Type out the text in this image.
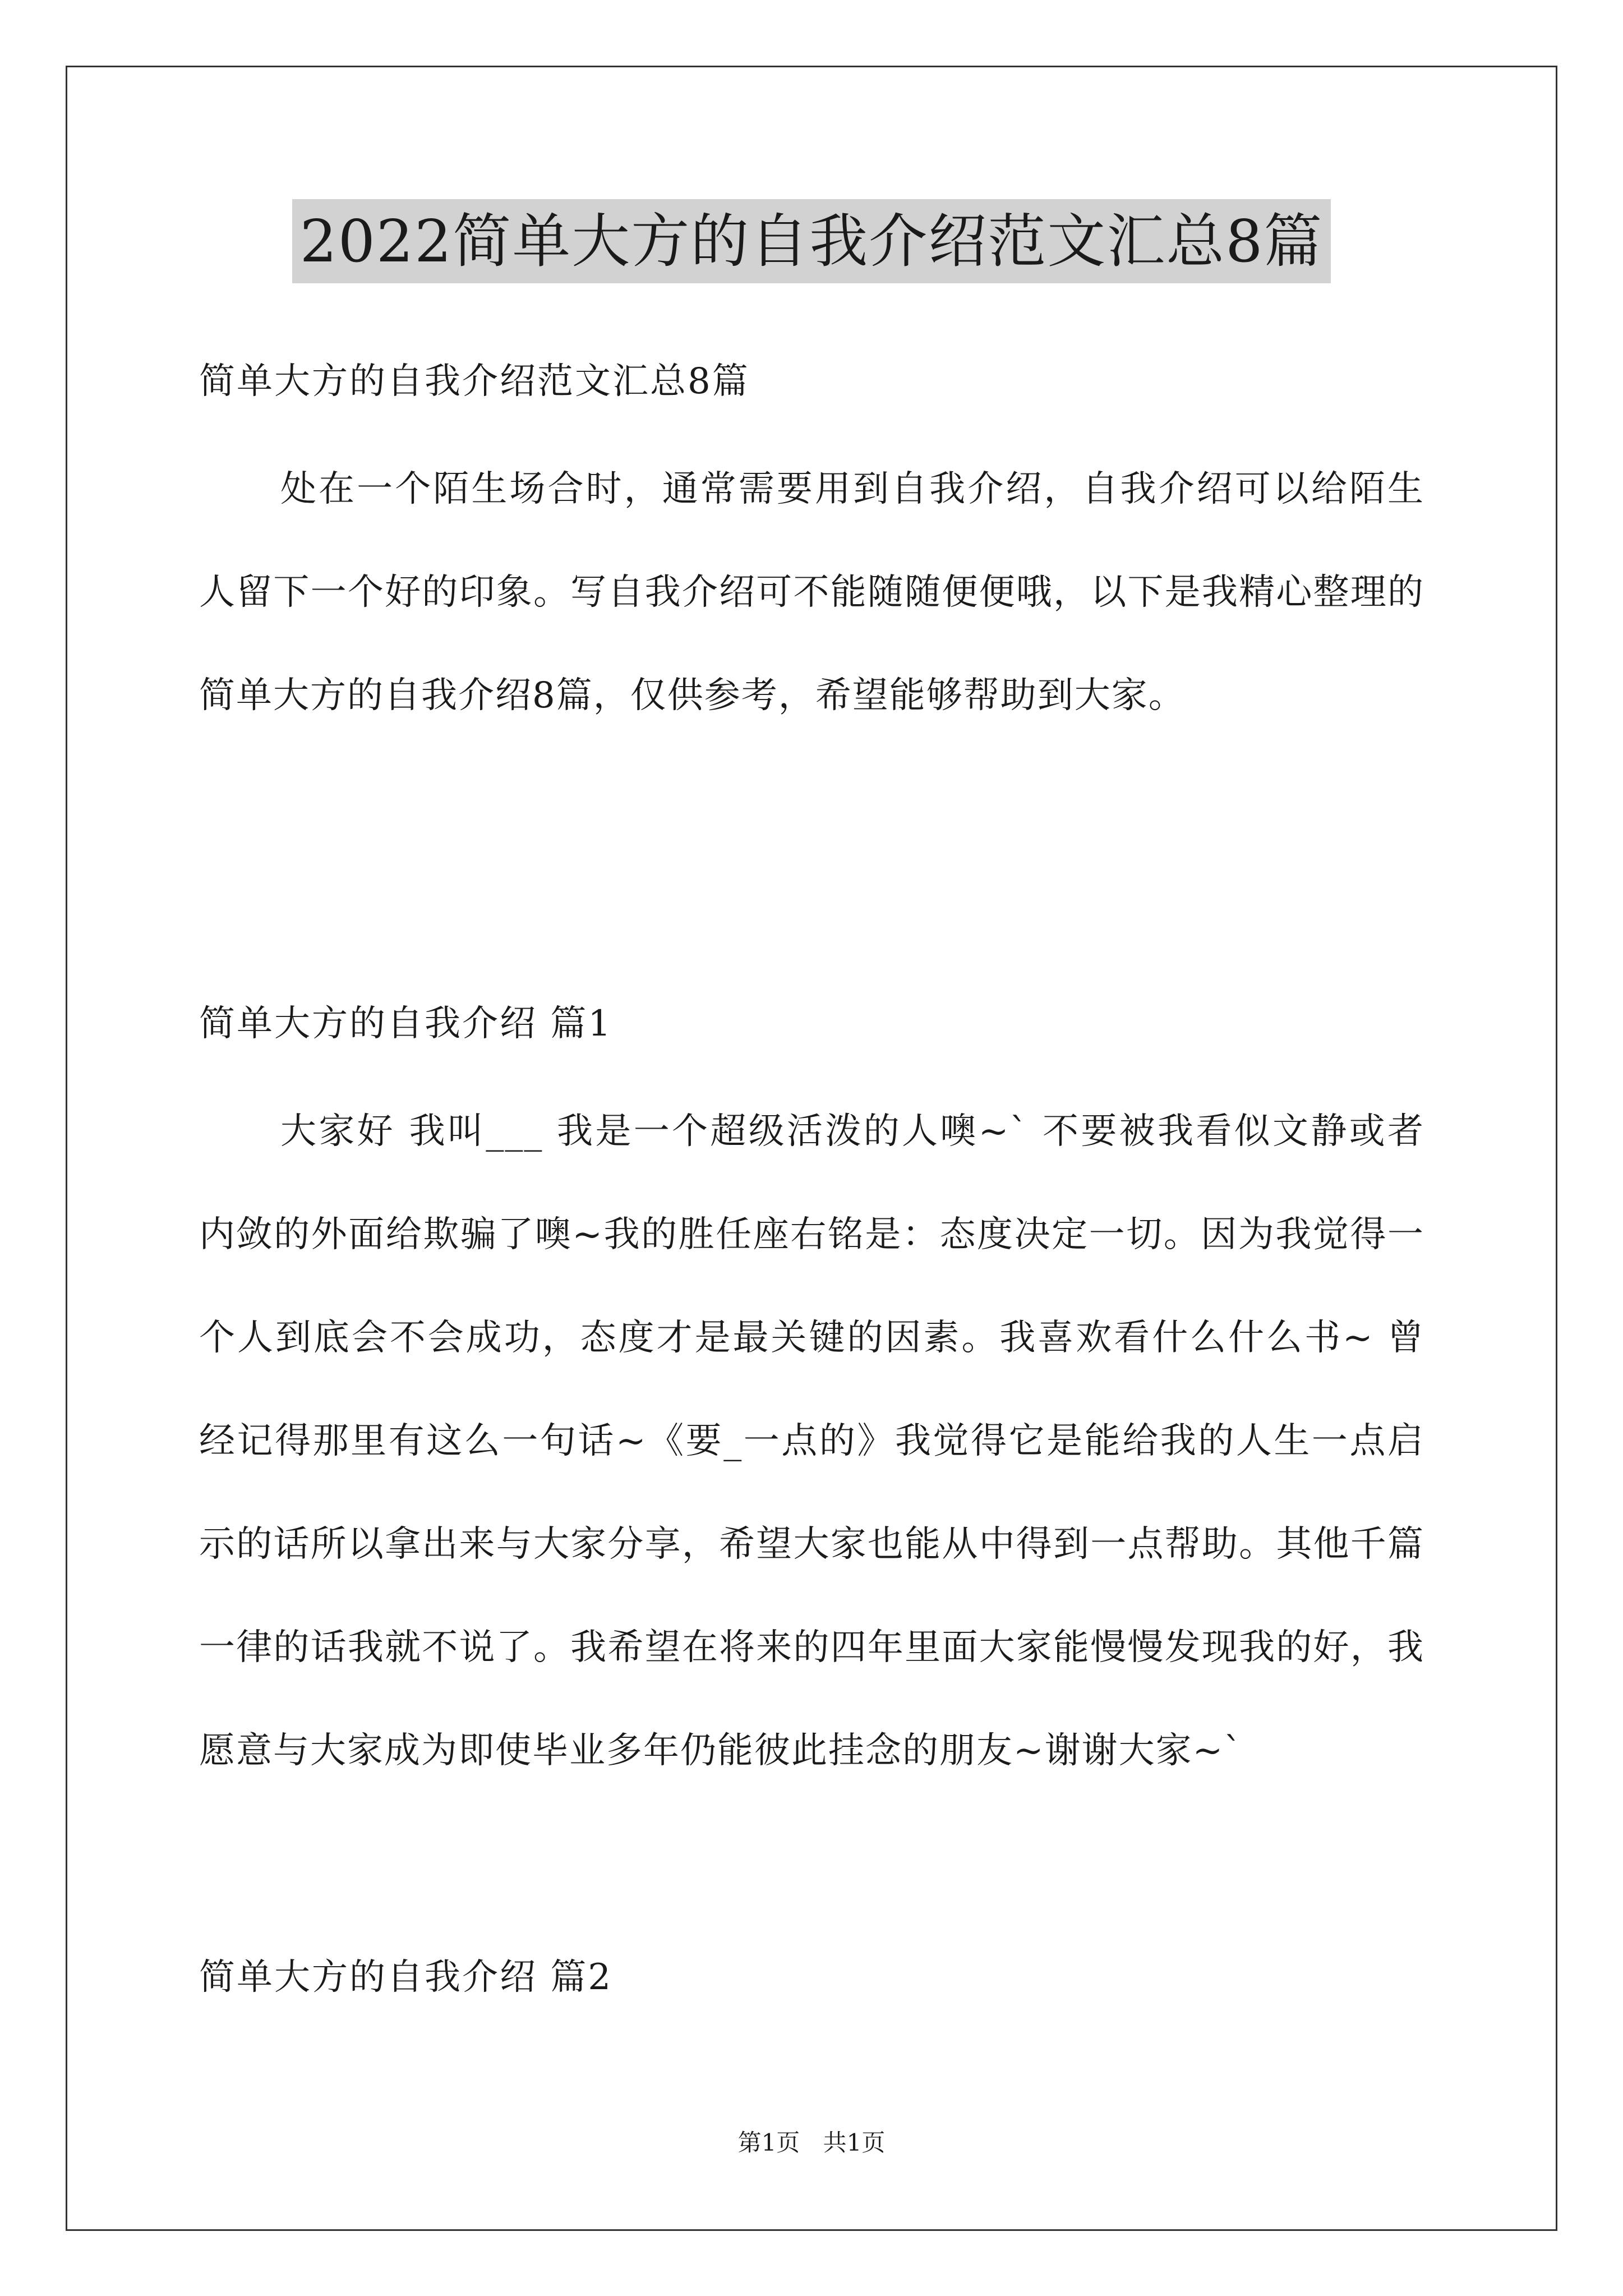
2022简单大方的自我介绍范文汇总8篇
简单大方的自我介绍范文汇总8篇
处在一个陌生场合时，通常需要用到自我介绍，自我介绍可以给陌生人留下一个好的印象。写自我介绍可不能随随便便哦，以下是我精心整理的简单大方的自我介绍8篇，仅供参考，希望能够帮助到大家。
简单大方的自我介绍 篇1
大家好 我叫___ 我是一个超级活泼的人噢~` 不要被我看似文静或者内敛的外面给欺骗了噢~我的胜任座右铭是：态度决定一切。因为我觉得一个人到底会不会成功，态度才是最关键的因素。我喜欢看什么什么书~ 曾经记得那里有这么一句话~《要_一点的》我觉得它是能给我的人生一点启示的话所以拿出来与大家分享，希望大家也能从中得到一点帮助。其他千篇一律的话我就不说了。我希望在将来的四年里面大家能慢慢发现我的好，我愿意与大家成为即使毕业多年仍能彼此挂念的朋友~谢谢大家~`
简单大方的自我介绍 篇2
第1页 共1页
